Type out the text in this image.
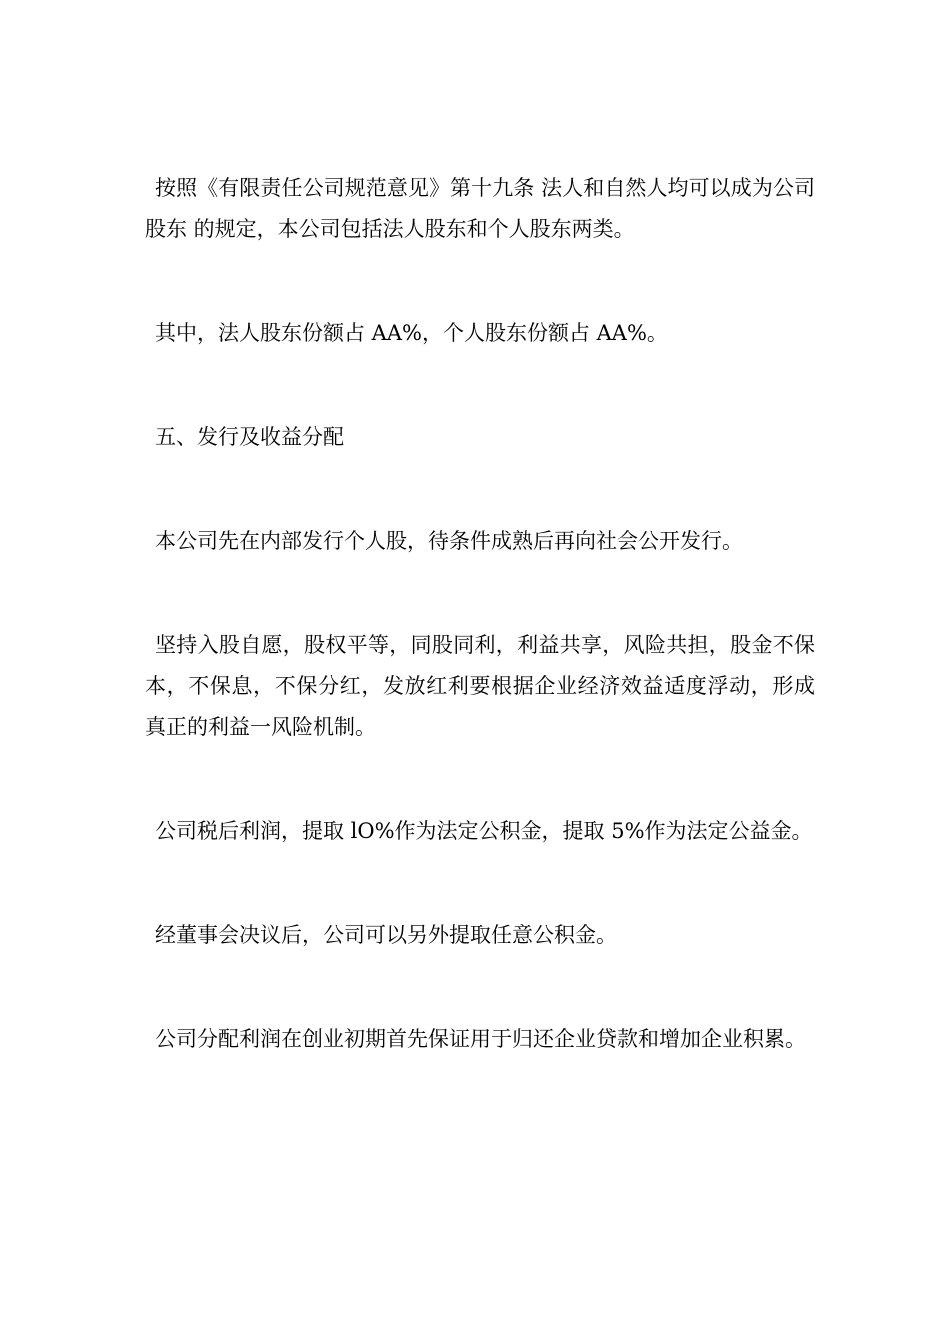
按照《有限责任公司规范意见》第十九条 法人和自然人均可以成为公司股东 的规定，本公司包括法人股东和个人股东两类。

其中，法人股东份额占 AA%，个人股东份额占 AA%。

五、发行及收益分配

本公司先在内部发行个人股，待条件成熟后再向社会公开发行。

坚持入股自愿，股权平等，同股同利，利益共享，风险共担，股金不保本，不保息，不保分红，发放红利要根据企业经济效益适度浮动，形成真正的利益一风险机制。

公司税后利润，提取 lO%作为法定公积金，提取 5%作为法定公益金。

经董事会决议后，公司可以另外提取任意公积金。

公司分配利润在创业初期首先保证用于归还企业贷款和增加企业积累。
